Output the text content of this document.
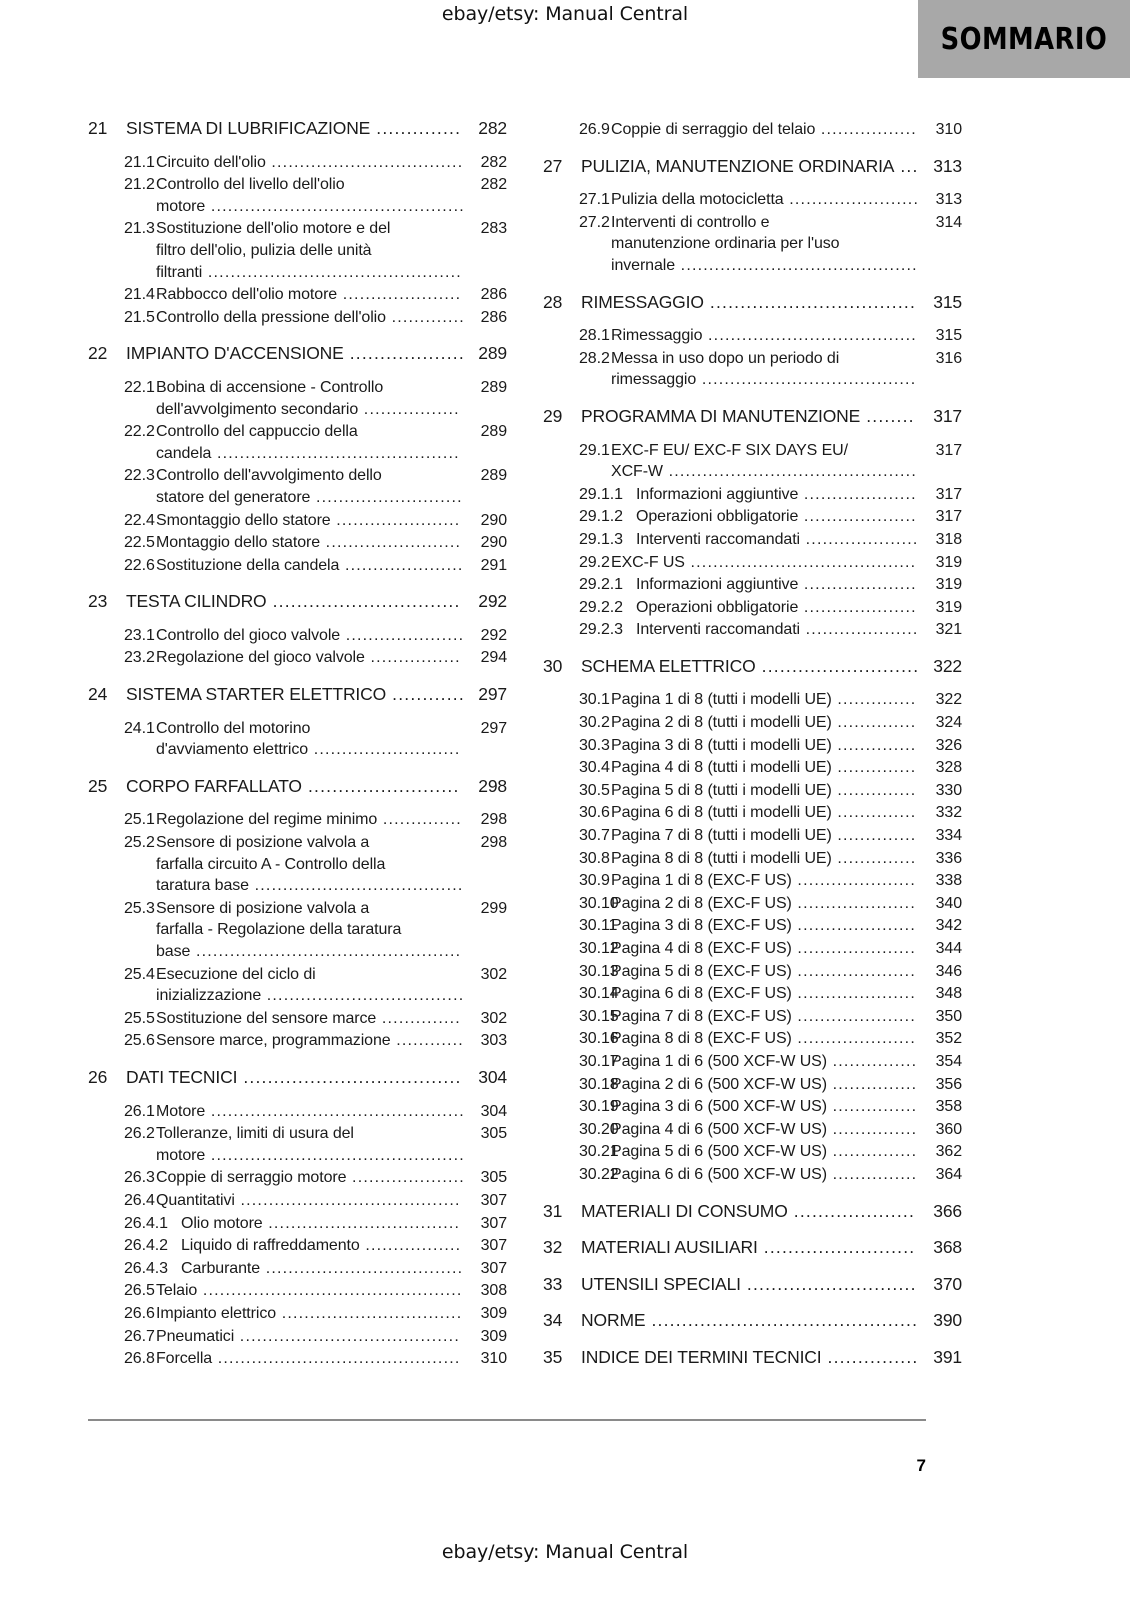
ebay/etsy: Manual Central
SOMMARIO
21	SISTEMA DI LUBRIFICAZIONE .............. 282
21.1 Circuito dell'olio ..................................	282
21.2 Controllo del livello dell'olio
motore .............................................
282
21.3 Sostituzione dell'olio motore e del
filtro dell'olio, pulizia delle unità
filtranti .............................................
283
21.4 Rabbocco dell'olio motore .....................	286
21.5 Controllo della pressione dell'olio ............. 286
22	IMPIANTO D'ACCENSIONE ................... 289
22.1 Bobina di accensione - Controllo
dell'avvolgimento secondario .................
289
22.2 Controllo del cappuccio della
candela ...........................................
289
22.3 Controllo dell'avvolgimento dello
statore del generatore ..........................
289
22.4 Smontaggio dello statore ......................	290
22.5 Montaggio dello statore ........................	290
22.6 Sostituzione della candela .....................	291
23	TESTA CILINDRO ...............................	292
23.1 Controllo del gioco valvole .....................	292
23.2 Regolazione del gioco valvole ................	294
24	SISTEMA STARTER ELETTRICO ............ 297
24.1 Controllo del motorino
d'avviamento elettrico ..........................
297
25	CORPO FARFALLATO .........................	298
25.1 Regolazione del regime minimo ..............	298
25.2 Sensore di posizione valvola a
farfalla circuito A - Controllo della
taratura base .....................................
298
25.3 Sensore di posizione valvola a
farfalla - Regolazione della taratura
base ...............................................
299
25.4 Esecuzione del ciclo di
inizializzazione ...................................
302
25.5 Sostituzione del sensore marce ..............	302
25.6 Sensore marce, programmazione ............	303
26	DATI TECNICI .................................... 304
26.1 Motore ............................................. 304
26.2 Tolleranze, limiti di usura del
motore .............................................
305
26.3 Coppie di serraggio motore .................... 305
26.4 Quantitativi .......................................	307
26.4.1 Olio motore ..................................	307
26.4.2 Liquido di raffreddamento .................	307
26.4.3 Carburante ...................................	307
26.5 Telaio ..............................................	308
26.6 Impianto elettrico ................................	309
26.7 Pneumatici .......................................	309
26.8 Forcella ...........................................	310
26.9 Coppie di serraggio del telaio .................	310
27	PULIZIA, MANUTENZIONE ORDINARIA ... 313
27.1 Pulizia della motocicletta .......................	313
27.2 Interventi di controllo e
manutenzione ordinaria per l'uso
invernale ..........................................
314
28	RIMESSAGGIO .................................. 315
28.1 Rimessaggio .....................................	315
28.2 Messa in uso dopo un periodo di
rimessaggio ......................................
316
29	PROGRAMMA DI MANUTENZIONE ........	317
29.1 EXC-F EU/ EXC-F SIX DAYS EU/
XCF-W ............................................
317
29.1.1 Informazioni aggiuntive ....................	317
29.1.2 Operazioni obbligatorie ....................	317
29.1.3 Interventi raccomandati ....................	318
29.2 EXC-F US ........................................	319
29.2.1 Informazioni aggiuntive ....................	319
29.2.2 Operazioni obbligatorie ....................	319
29.2.3 Interventi raccomandati ....................	321
30	SCHEMA ELETTRICO .......................... 322
30.1 Pagina 1 di 8 (tutti i modelli UE) ..............	322
30.2 Pagina 2 di 8 (tutti i modelli UE) ..............	324
30.3 Pagina 3 di 8 (tutti i modelli UE) ..............	326
30.4 Pagina 4 di 8 (tutti i modelli UE) ..............	328
30.5 Pagina 5 di 8 (tutti i modelli UE) ..............	330
30.6 Pagina 6 di 8 (tutti i modelli UE) ..............	332
30.7 Pagina 7 di 8 (tutti i modelli UE) ..............	334
30.8 Pagina 8 di 8 (tutti i modelli UE) ..............	336
30.9 Pagina 1 di 8 (EXC-F US) .....................	338
30.10
Pagina 2 di 8 (EXC-F US) .....................	340
30.11
Pagina 3 di 8 (EXC-F US) .....................	342
30.12
Pagina 4 di 8 (EXC-F US) .....................	344
30.13
Pagina 5 di 8 (EXC-F US) .....................	346
30.14
Pagina 6 di 8 (EXC-F US) .....................	348
30.15
Pagina 7 di 8 (EXC-F US) .....................	350
30.16
Pagina 8 di 8 (EXC-F US) .....................	352
30.17
Pagina 1 di 6 (500 XCF-W US) ...............	354
30.18
Pagina 2 di 6 (500 XCF-W US) ...............	356
30.19
Pagina 3 di 6 (500 XCF-W US) ...............	358
30.20
Pagina 4 di 6 (500 XCF-W US) ...............	360
30.21
Pagina 5 di 6 (500 XCF-W US) ...............	362
30.22
Pagina 6 di 6 (500 XCF-W US) ...............	364
31	MATERIALI DI CONSUMO ....................	366
32	MATERIALI AUSILIARI .........................	368
33	UTENSILI SPECIALI ............................ 370
34	NORME ............................................ 390
35	INDICE DEI TERMINI TECNICI ............... 391
7
ebay/etsy: Manual Central
